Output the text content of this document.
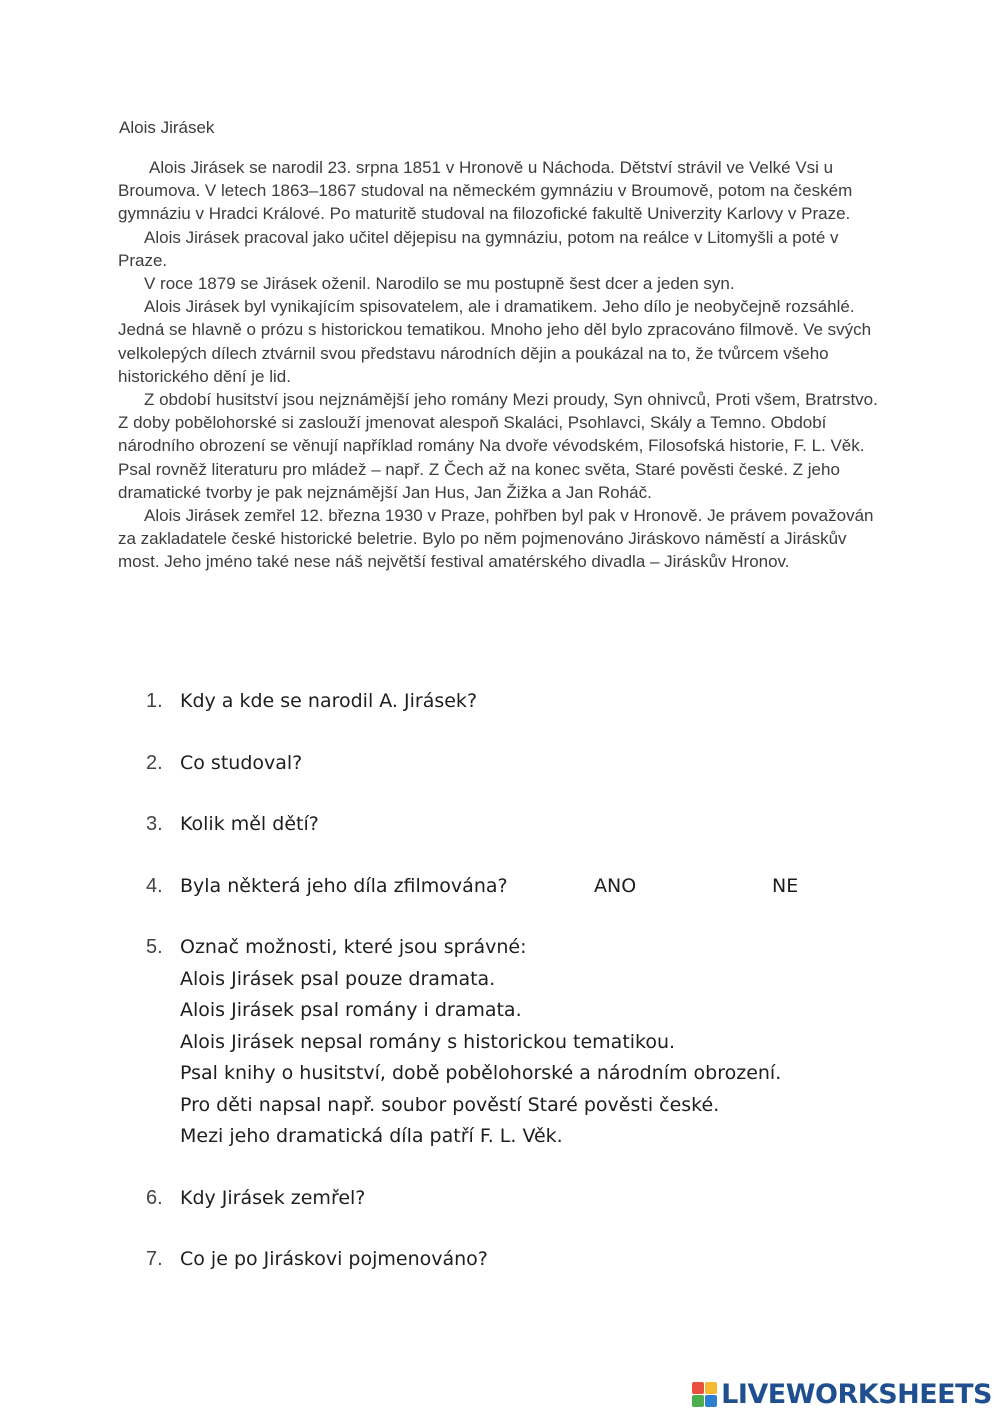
Alois Jirásek

Alois Jirásek se narodil 23. srpna 1851 v Hronově u Náchoda. Dětství strávil ve Velké Vsi u Broumova. V letech 1863–1867 studoval na německém gymnáziu v Broumově, potom na českém gymnáziu v Hradci Králové. Po maturitě studoval na filozofické fakultě Univerzity Karlovy v Praze.

Alois Jirásek pracoval jako učitel dějepisu na gymnáziu, potom na reálce v Litomyšli a poté v Praze.

V roce 1879 se Jirásek oženil. Narodilo se mu postupně šest dcer a jeden syn.

Alois Jirásek byl vynikajícím spisovatelem, ale i dramatikem. Jeho dílo je neobyčejně rozsáhlé. Jedná se hlavně o prózu s historickou tematikou. Mnoho jeho děl bylo zpracováno filmově. Ve svých velkolepých dílech ztvárnil svou představu národních dějin a poukázal na to, že tvůrcem všeho historického dění je lid.

Z období husitství jsou nejznámější jeho romány Mezi proudy, Syn ohnivců, Proti všem, Bratrstvo. Z doby pobělohorské si zaslouží jmenovat alespoň Skaláci, Psohlavci, Skály a Temno. Období národního obrození se věnují například romány Na dvoře vévodském, Filosofská historie, F. L. Věk. Psal rovněž literaturu pro mládež – např. Z Čech až na konec světa, Staré pověsti české. Z jeho dramatické tvorby je pak nejznámější Jan Hus, Jan Žižka a Jan Roháč.

Alois Jirásek zemřel 12. března 1930 v Praze, pohřben byl pak v Hronově. Je právem považován za zakladatele české historické beletrie. Bylo po něm pojmenováno Jiráskovo náměstí a Jiráskův most. Jeho jméno také nese náš největší festival amatérského divadla – Jiráskův Hronov.

1. Kdy a kde se narodil A. Jirásek?
2. Co studoval?
3. Kolik měl dětí?
4. Byla některá jeho díla zfilmována?	ANO	NE
5. Označ možnosti, které jsou správné:
Alois Jirásek psal pouze dramata.
Alois Jirásek psal romány i dramata.
Alois Jirásek nepsal romány s historickou tematikou.
Psal knihy o husitství, době pobělohorské a národním obrození.
Pro děti napsal např. soubor pověstí Staré pověsti české.
Mezi jeho dramatická díla patří F. L. Věk.
6. Kdy Jirásek zemřel?
7. Co je po Jiráskovi pojmenováno?
LIVEWORKSHEETS
